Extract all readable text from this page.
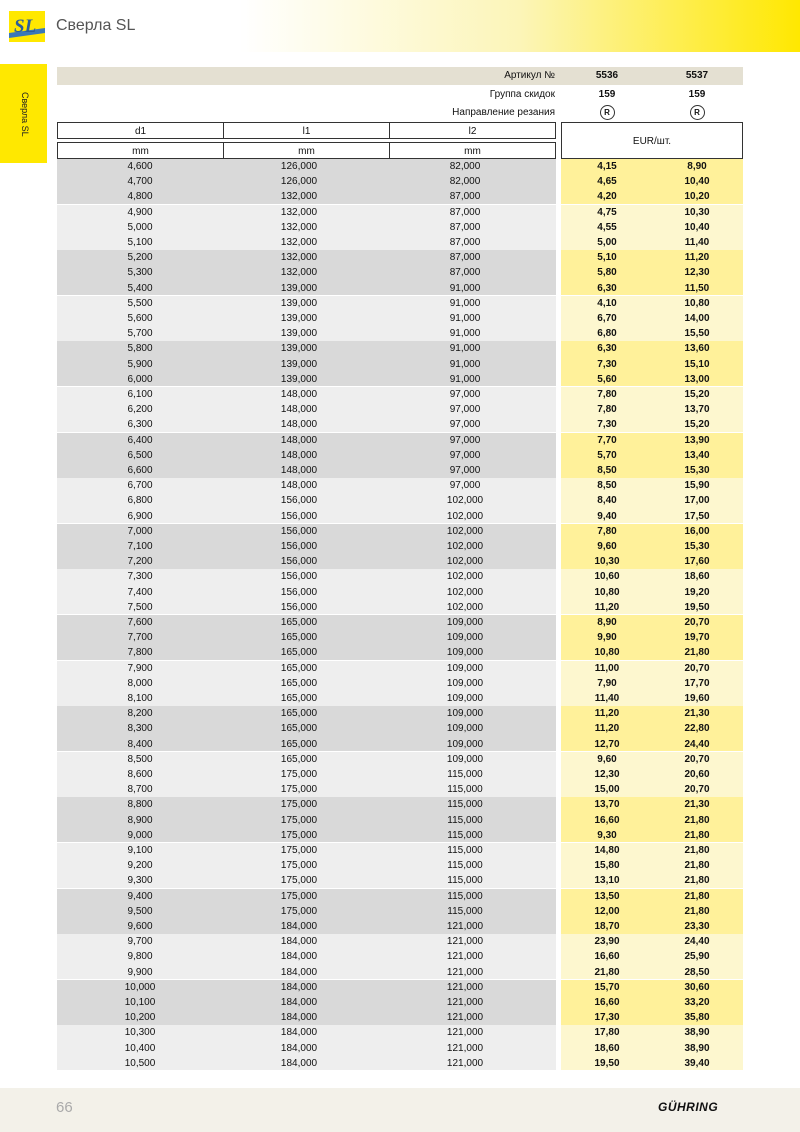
SL Сверла SL
Сверла SL
Артикул №	5536	5537
Группа скидок	159	159
Направление резания	R	R
d1	l1	l2
mm	mm	mm
EUR/шт.
4,600	126,000	82,000	4,15	8,90
4,700	126,000	82,000	4,65	10,40
4,800	132,000	87,000	4,20	10,20
4,900	132,000	87,000	4,75	10,30
5,000	132,000	87,000	4,55	10,40
5,100	132,000	87,000	5,00	11,40
5,200	132,000	87,000	5,10	11,20
5,300	132,000	87,000	5,80	12,30
5,400	139,000	91,000	6,30	11,50
5,500	139,000	91,000	4,10	10,80
5,600	139,000	91,000	6,70	14,00
5,700	139,000	91,000	6,80	15,50
5,800	139,000	91,000	6,30	13,60
5,900	139,000	91,000	7,30	15,10
6,000	139,000	91,000	5,60	13,00
6,100	148,000	97,000	7,80	15,20
6,200	148,000	97,000	7,80	13,70
6,300	148,000	97,000	7,30	15,20
6,400	148,000	97,000	7,70	13,90
6,500	148,000	97,000	5,70	13,40
6,600	148,000	97,000	8,50	15,30
6,700	148,000	97,000	8,50	15,90
6,800	156,000	102,000	8,40	17,00
6,900	156,000	102,000	9,40	17,50
7,000	156,000	102,000	7,80	16,00
7,100	156,000	102,000	9,60	15,30
7,200	156,000	102,000	10,30	17,60
7,300	156,000	102,000	10,60	18,60
7,400	156,000	102,000	10,80	19,20
7,500	156,000	102,000	11,20	19,50
7,600	165,000	109,000	8,90	20,70
7,700	165,000	109,000	9,90	19,70
7,800	165,000	109,000	10,80	21,80
7,900	165,000	109,000	11,00	20,70
8,000	165,000	109,000	7,90	17,70
8,100	165,000	109,000	11,40	19,60
8,200	165,000	109,000	11,20	21,30
8,300	165,000	109,000	11,20	22,80
8,400	165,000	109,000	12,70	24,40
8,500	165,000	109,000	9,60	20,70
8,600	175,000	115,000	12,30	20,60
8,700	175,000	115,000	15,00	20,70
8,800	175,000	115,000	13,70	21,30
8,900	175,000	115,000	16,60	21,80
9,000	175,000	115,000	9,30	21,80
9,100	175,000	115,000	14,80	21,80
9,200	175,000	115,000	15,80	21,80
9,300	175,000	115,000	13,10	21,80
9,400	175,000	115,000	13,50	21,80
9,500	175,000	115,000	12,00	21,80
9,600	184,000	121,000	18,70	23,30
9,700	184,000	121,000	23,90	24,40
9,800	184,000	121,000	16,60	25,90
9,900	184,000	121,000	21,80	28,50
10,000	184,000	121,000	15,70	30,60
10,100	184,000	121,000	16,60	33,20
10,200	184,000	121,000	17,30	35,80
10,300	184,000	121,000	17,80	38,90
10,400	184,000	121,000	18,60	38,90
10,500	184,000	121,000	19,50	39,40
66	GÜHRING
